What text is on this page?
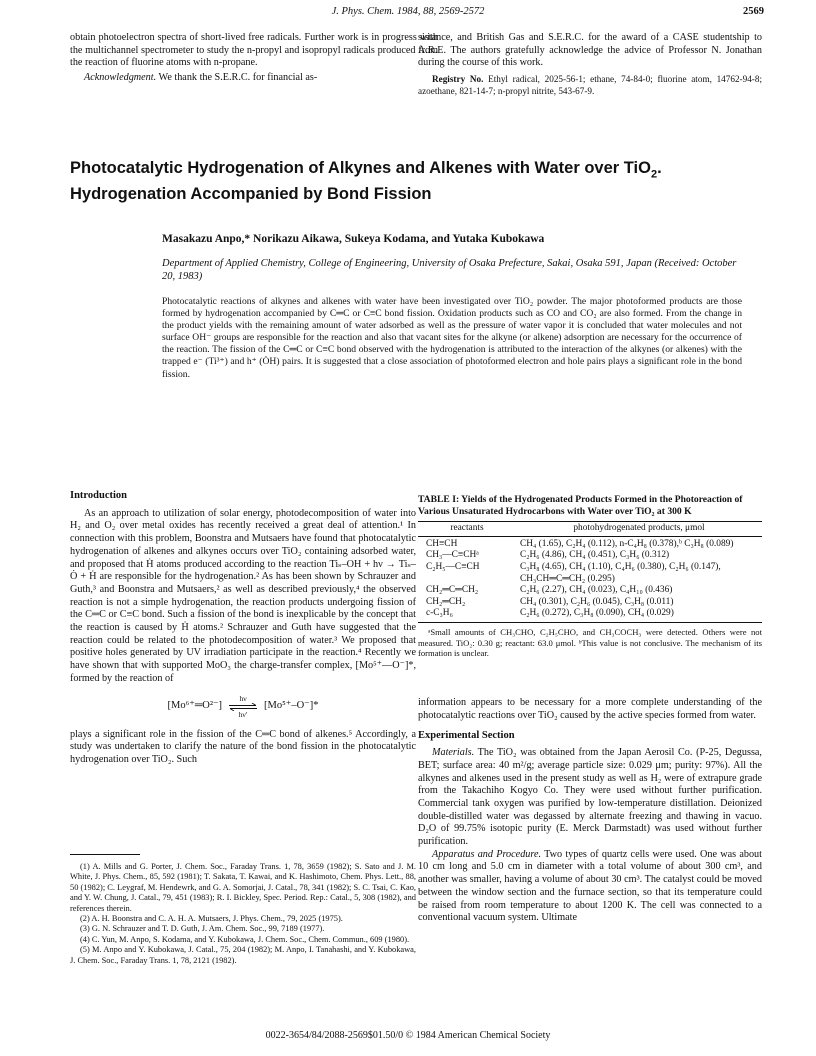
J. Phys. Chem. 1984, 88, 2569-2572	2569

obtain photoelectron spectra of short-lived free radicals. Further work is in progress with the multichannel spectrometer to study the n-propyl and isopropyl radicals produced from the reaction of fluorine atoms with n-propane.

Acknowledgment. We thank the S.E.R.C. for financial as-

sistance, and British Gas and S.E.R.C. for the award of a CASE studentship to A.R.E. The authors gratefully acknowledge the advice of Professor N. Jonathan during the course of this work.

Registry No. Ethyl radical, 2025-56-1; ethane, 74-84-0; fluorine atom, 14762-94-8; azoethane, 821-14-7; n-propyl nitrite, 543-67-9.

Photocatalytic Hydrogenation of Alkynes and Alkenes with Water over TiO$_2$.
Hydrogenation Accompanied by Bond Fission
Masakazu Anpo,* Norikazu Aikawa, Sukeya Kodama, and Yutaka Kubokawa
Department of Applied Chemistry, College of Engineering, University of Osaka Prefecture, Sakai, Osaka 591, Japan (Received: October 20, 1983)
Photocatalytic reactions of alkynes and alkenes with water have been investigated over TiO₂ powder. The major photoformed products are those formed by hydrogenation accompanied by C═C or C≡C bond fission. Oxidation products such as CO and CO₂ are also formed. From the change in the product yields with the remaining amount of water adsorbed as well as the pressure of water vapor it is concluded that water molecules and not surface OH⁻ groups are responsible for the reaction and also that vacant sites for the alkyne (or alkene) adsorption are necessary for the occurrence of the reaction. The fission of the C═C or C≡C bond observed with the hydrogenation is attributed to the interaction of the alkynes (or alkenes) with the trapped e⁻ (Ti³⁺) and h⁺ (ȮH) pairs. It is suggested that a close association of photoformed electron and hole pairs plays a significant role in the bond fission.
Introduction

As an approach to utilization of solar energy, photodecomposition of water into H₂ and O₂ over metal oxides has recently received a great deal of attention.¹ In connection with this problem, Boonstra and Mutsaers have found that photocatalytic hydrogenation of alkenes and alkynes occurs over TiO₂ containing adsorbed water, and proposed that Ḣ atoms produced according to the reaction Tiₛ–OH + hν → Tiₛ–Ȯ + Ḣ are responsible for the hydrogenation.² As has been shown by Schrauzer and Guth,³ and Boonstra and Mutsaers,² as well as described previously,⁴ the observed reaction is not a simple hydrogenation, the reaction products undergoing fission of the C═C or C≡C bond. Such a fission of the bond is inexplicable by the concept that the reaction is caused by Ḣ atoms.² Schrauzer and Guth have suggested that the reaction could be related to the photodecomposition of water.³ We proposed that positive holes generated by UV irradiation participate in the reaction.⁴ Recently we have shown that with supported MoO₃ the charge-transfer complex, [Mo⁵⁺—O⁻]*, formed by the reaction of

[Mo⁶⁺═O²⁻]
hν
hν′
[Mo⁵⁺–O⁻]*

plays a significant role in the fission of the C═C bond of alkenes.⁵ Accordingly, a study was undertaken to clarify the nature of the bond fission in the photocatalytic hydrogenation over TiO₂. Such

(1) A. Mills and G. Porter, J. Chem. Soc., Faraday Trans. 1, 78, 3659 (1982); S. Sato and J. M. White, J. Phys. Chem., 85, 592 (1981); T. Sakata, T. Kawai, and K. Hashimoto, Chem. Phys. Lett., 88, 50 (1982); C. Leygraf, M. Hendewrk, and G. A. Somorjai, J. Catal., 78, 341 (1982); S. C. Tsai, C. Kao, and Y. W. Chung, J. Catal., 79, 451 (1983); R. I. Bickley, Spec. Period. Rep.: Catal., 5, 308 (1982), and references therein.

(2) A. H. Boonstra and C. A. H. A. Mutsaers, J. Phys. Chem., 79, 2025 (1975).

(3) G. N. Schrauzer and T. D. Guth, J. Am. Chem. Soc., 99, 7189 (1977).

(4) C. Yun, M. Anpo, S. Kodama, and Y. Kubokawa, J. Chem. Soc., Chem. Commun., 609 (1980).

(5) M. Anpo and Y. Kubokawa, J. Catal., 75, 204 (1982); M. Anpo, I. Tanahashi, and Y. Kubokawa, J. Chem. Soc., Faraday Trans. 1, 78, 2121 (1982).

TABLE I: Yields of the Hydrogenated Products Formed in the Photoreaction of Various Unsaturated Hydrocarbons with Water over TiO₂ at 300 K
reactants	photohydrogenated products, μmol
CH≡CH	CH₄ (1.65), C₂H₄ (0.112), n-C₄H₈ (0.378),ᵇ C₃H₈ (0.089)
CH₃—C≡CHᵃ	C₂H₆ (4.86), CH₄ (0.451), C₃H₆ (0.312)
C₂H₅—C≡CH	C₃H₈ (4.65), CH₄ (1.10), C₄H₆ (0.380), C₂H₆ (0.147), CH₃CH═C═CH₂ (0.295)
CH₂═C═CH₂	C₂H₆ (2.27), CH₄ (0.023), C₄H₁₀ (0.436)
CH₂═CH₂	CH₄ (0.301), C₂H₆ (0.045), C₃H₈ (0.011)
c-C₃H₆	C₂H₆ (0.272), C₃H₈ (0.090), CH₄ (0.029)
ᵃSmall amounts of CH₃CHO, C₂H₅CHO, and CH₃COCH₃ were detected. Others were not measured. TiO₂: 0.30 g; reactant: 63.0 μmol. ᵇThis value is not conclusive. The mechanism of its formation is unclear.

information appears to be necessary for a more complete understanding of the photocatalytic reactions over TiO₂ caused by the active species formed from water.

Experimental Section

Materials. The TiO₂ was obtained from the Japan Aerosil Co. (P-25, Degussa, BET; surface area: 40 m²/g; average particle size: 0.029 μm; purity: 97%). All the alkynes and alkenes used in the present study as well as H₂ were of extrapure grade from the Takachiho Kogyo Co. They were used without further purification. Commercial tank oxygen was purified by low-temperature distillation. Deionized double-distilled water was degassed by alternate freezing and thawing in vacuo. D₂O of 99.75% isotopic purity (E. Merck Darmstadt) was used without further purification.

Apparatus and Procedure. Two types of quartz cells were used. One was about 10 cm long and 5.0 cm in diameter with a total volume of about 300 cm³, and another was smaller, having a volume of about 30 cm³. The catalyst could be moved between the window section and the furnace section, so that its temperature could be raised from room temperature to about 1200 K. The cell was connected to a conventional vacuum system. Ultimate

0022-3654/84/2088-2569$01.50/0 © 1984 American Chemical Society
